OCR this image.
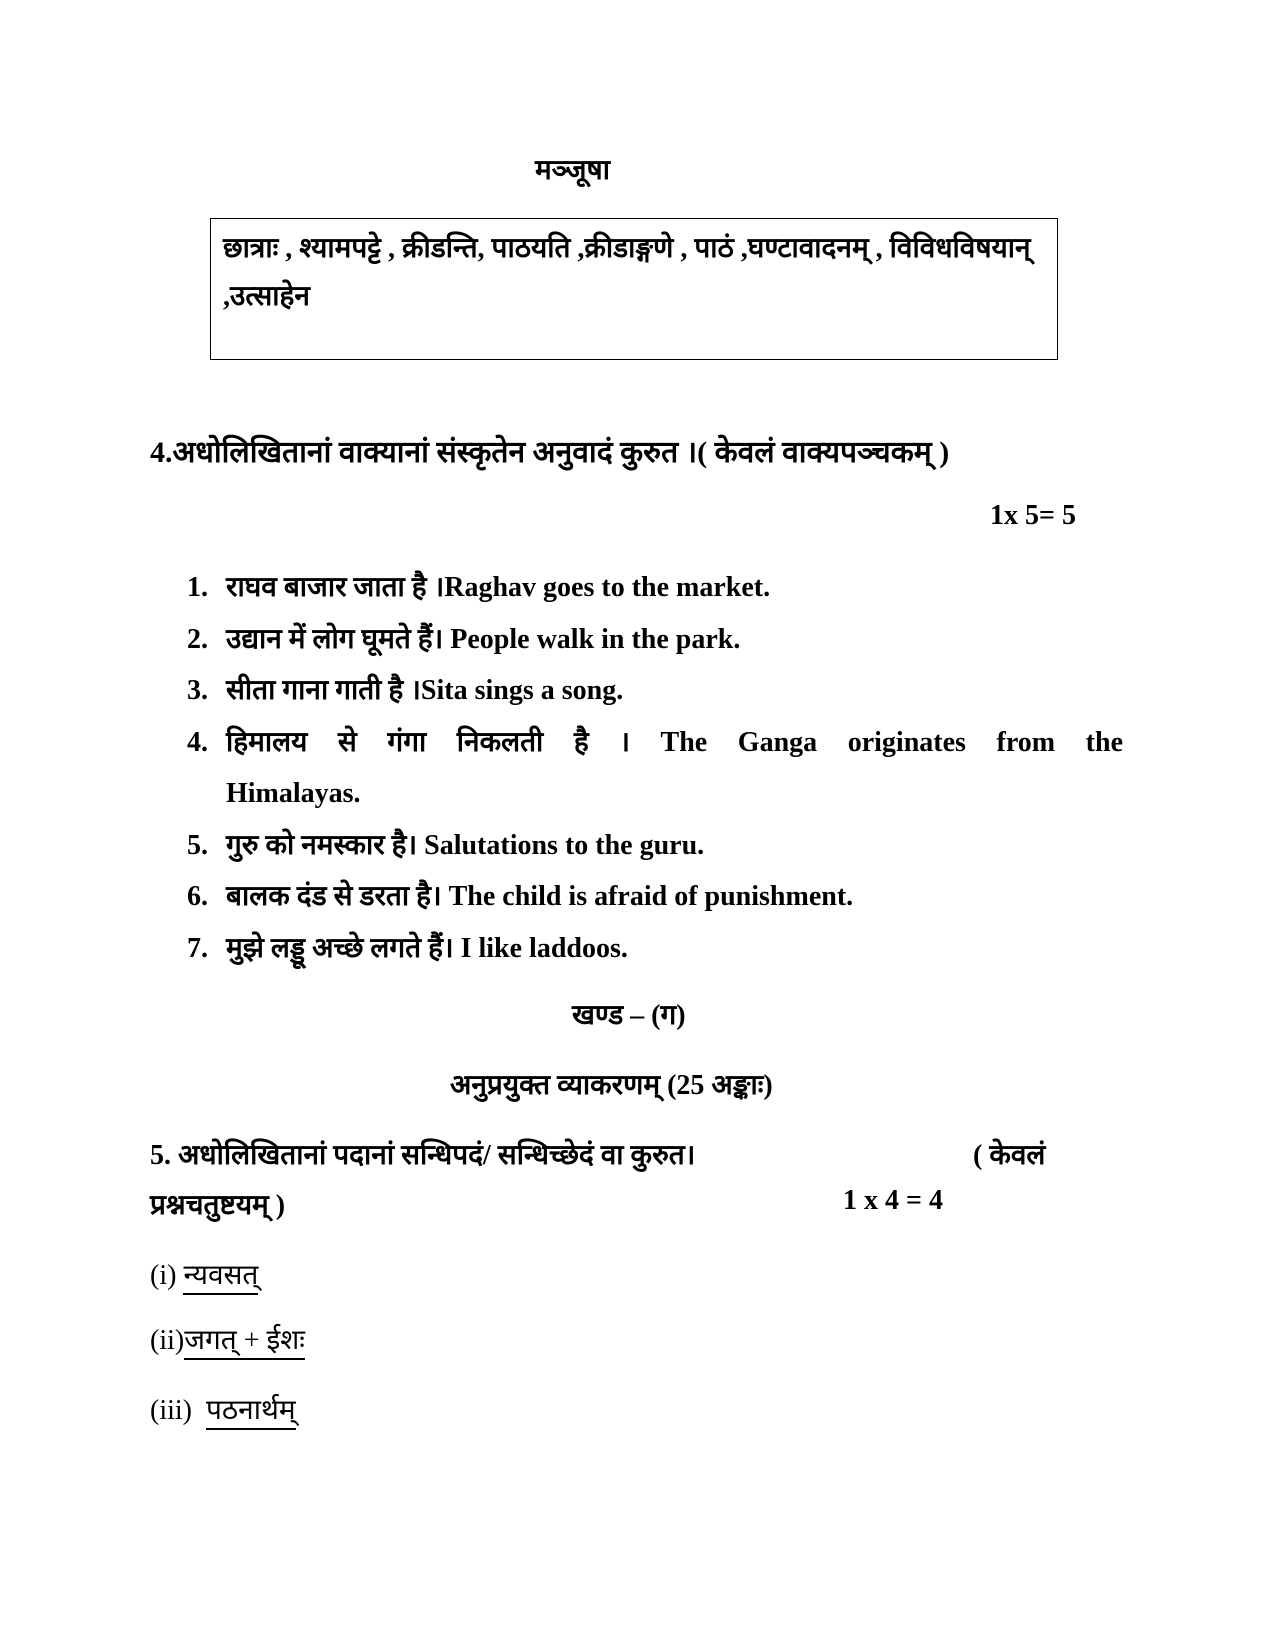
मञ्जूषा
छात्राः , श्यामपट्टे , क्रीडन्ति, पाठयति ,क्रीडाङ्गणे , पाठं ,घण्टावादनम् , विविधविषयान् ,उत्साहेन
4.अधोलिखितानां वाक्यानां संस्कृतेन अनुवादं कुरुत ।( केवलं वाक्यपञ्चकम् )
1x 5= 5
1. राघव बाजार जाता है ।Raghav goes to the market.
2. उद्यान में लोग घूमते हैं। People walk in the park.
3. सीता गाना गाती है ।Sita sings a song.
4. हिमालय से गंगा निकलती है । The Ganga originates from the
Himalayas.
5. गुरु को नमस्कार है। Salutations to the guru.
6. बालक दंड से डरता है। The child is afraid of punishment.
7. मुझे लड्डू अच्छे लगते हैं। I like laddoos.
खण्ड – (ग)
अनुप्रयुक्त व्याकरणम् (25 अङ्काः)
5. अधोलिखितानां पदानां सन्धिपदं/ सन्धिच्छेदं वा कुरुत।	( केवलं
प्रश्नचतुष्टयम् )	1 x 4 = 4
(i) न्यवसत्
(ii)जगत् + ईशः
(iii) पठनार्थम्
